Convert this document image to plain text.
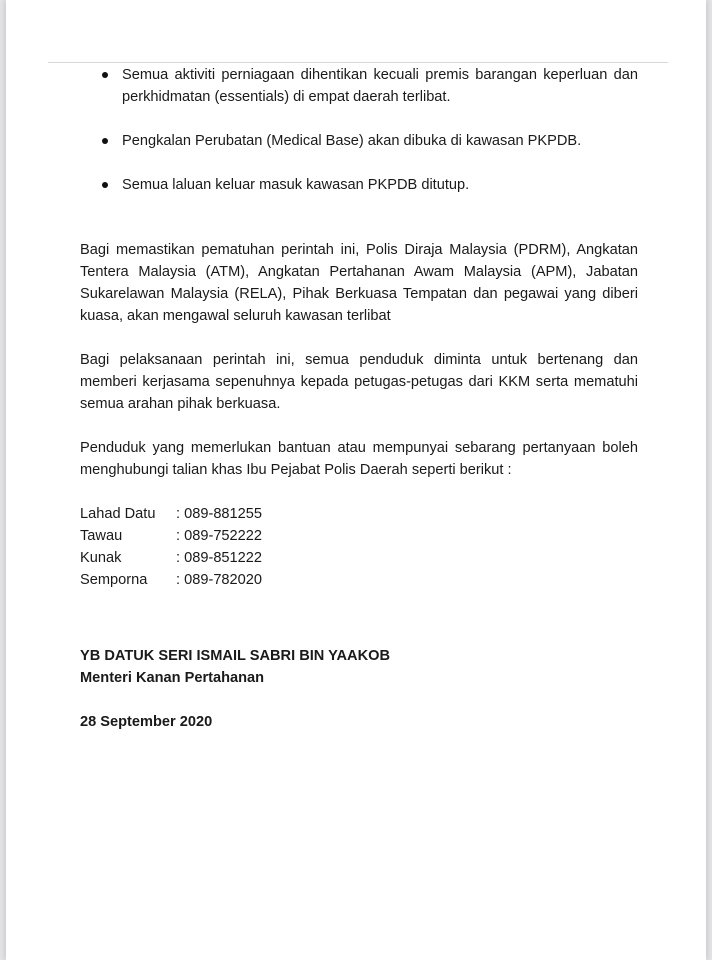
Semua aktiviti perniagaan dihentikan kecuali premis barangan keperluan dan perkhidmatan (essentials) di empat daerah terlibat.
Pengkalan Perubatan (Medical Base) akan dibuka di kawasan PKPDB.
Semua laluan keluar masuk kawasan PKPDB ditutup.

Bagi memastikan pematuhan perintah ini, Polis Diraja Malaysia (PDRM), Angkatan Tentera Malaysia (ATM), Angkatan Pertahanan Awam Malaysia (APM), Jabatan Sukarelawan Malaysia (RELA), Pihak Berkuasa Tempatan dan pegawai yang diberi kuasa, akan mengawal seluruh kawasan terlibat

Bagi pelaksanaan perintah ini, semua penduduk diminta untuk bertenang dan memberi kerjasama sepenuhnya kepada petugas-petugas dari KKM serta mematuhi semua arahan pihak berkuasa.

Penduduk yang memerlukan bantuan atau mempunyai sebarang pertanyaan boleh menghubungi talian khas Ibu Pejabat Polis Daerah seperti berikut :

Lahad Datu	: 089-881255
Tawau	: 089-752222
Kunak	: 089-851222
Semporna	: 089-782020
YB DATUK SERI ISMAIL SABRI BIN YAAKOB
Menteri Kanan Pertahanan
28 September 2020
